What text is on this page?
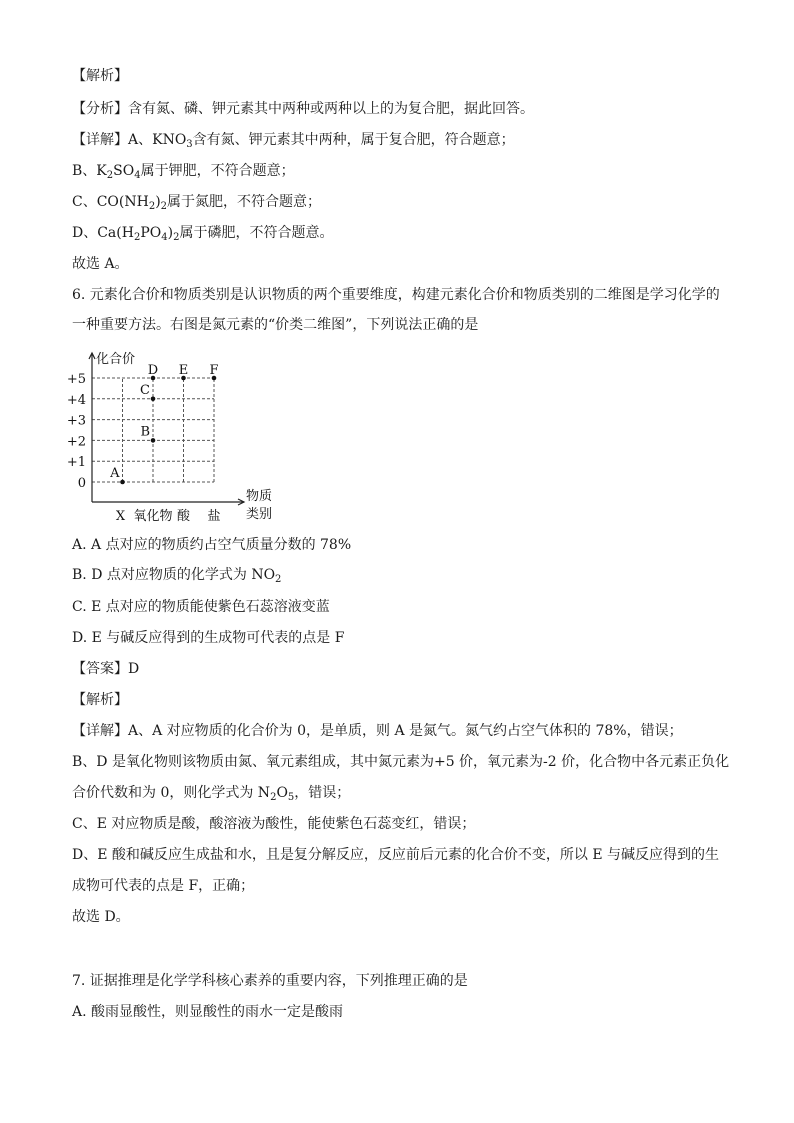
【解析】
【分析】含有氮、磷、钾元素其中两种或两种以上的为复合肥，据此回答。
【详解】A、$KNO_3$含有氮、钾元素其中两种，属于复合肥，符合题意；
B、$K_2SO_4$属于钾肥，不符合题意；
C、$CO(NH_2)_2$属于氮肥，不符合题意；
D、$Ca(H_2PO_4)_2$属于磷肥，不符合题意。
故选 A。
6. 元素化合价和物质类别是认识物质的两个重要维度，构建元素化合价和物质类别的二维图是学习化学的
一种重要方法。右图是氮元素的“价类二维图”，下列说法正确的是
化合价
+5
+4
+3
+2
+1
0
X 氧化物 酸 盐
物质
类别
A
B
C
D E F
A. A 点对应的物质约占空气质量分数的 78%
B. D 点对应物质的化学式为 $NO_2$
C. E 点对应的物质能使紫色石蕊溶液变蓝
D. E 与碱反应得到的生成物可代表的点是 F
【答案】D
【解析】
【详解】A、A 对应物质的化合价为 0，是单质，则 A 是氮气。氮气约占空气体积的 78%，错误；
B、D 是氧化物则该物质由氮、氧元素组成，其中氮元素为+5 价，氧元素为-2 价，化合物中各元素正负化
合价代数和为 0，则化学式为 $N_2O_5$，错误；
C、E 对应物质是酸，酸溶液为酸性，能使紫色石蕊变红，错误；
D、E 酸和碱反应生成盐和水，且是复分解反应，反应前后元素的化合价不变，所以 E 与碱反应得到的生
成物可代表的点是 F，正确；
故选 D。
7. 证据推理是化学学科核心素养的重要内容，下列推理正确的是
A. 酸雨显酸性，则显酸性的雨水一定是酸雨
